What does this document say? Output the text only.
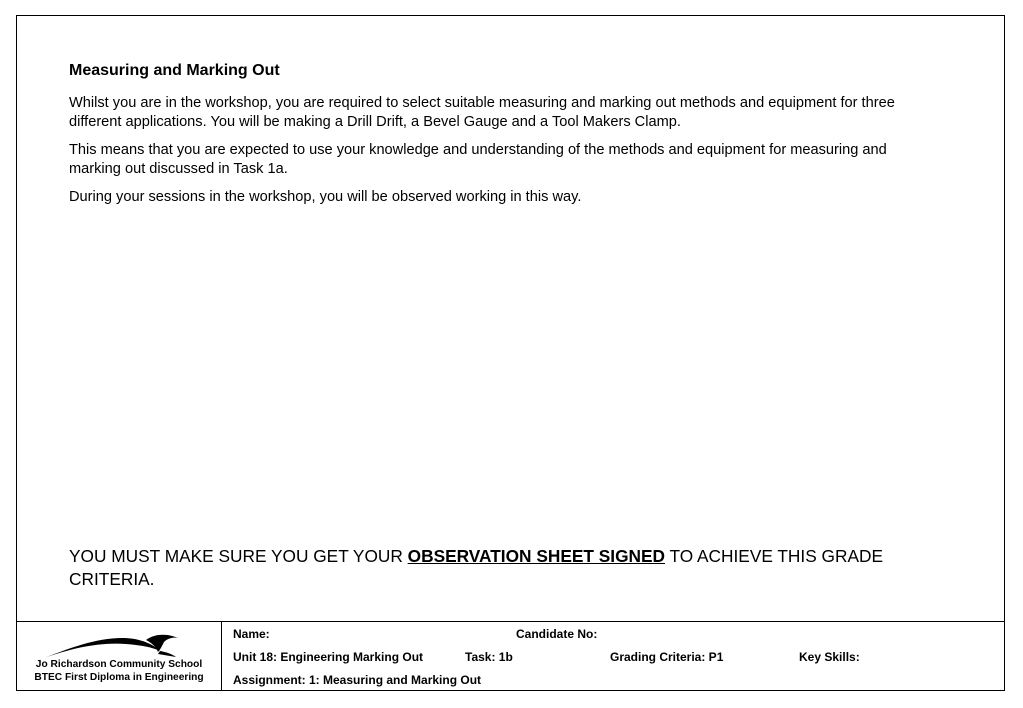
Measuring and Marking Out

Whilst you are in the workshop, you are required to select suitable measuring and marking out methods and equipment for three different applications. You will be making a Drill Drift, a Bevel Gauge and a Tool Makers Clamp.

This means that you are expected to use your knowledge and understanding of the methods and equipment for measuring and marking out discussed in Task 1a.

During your sessions in the workshop, you will be observed working in this way.

YOU MUST MAKE SURE YOU GET YOUR OBSERVATION SHEET SIGNED TO ACHIEVE THIS GRADE CRITERIA.
Jo Richardson Community School
BTEC First Diploma in Engineering
Name:	Candidate No:
Unit 18: Engineering Marking Out	Task: 1b	Grading Criteria: P1	Key Skills:
Assignment: 1: Measuring and Marking Out
